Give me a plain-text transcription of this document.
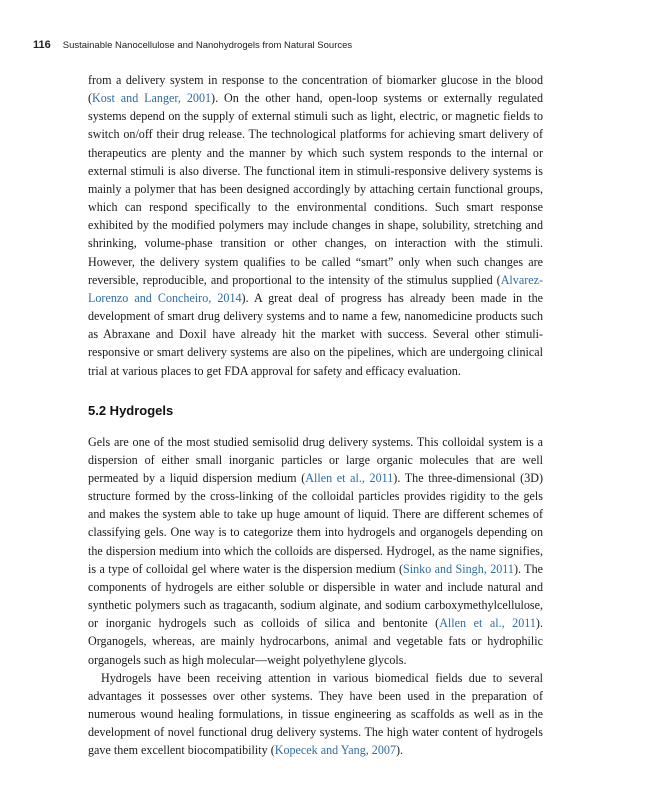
116 Sustainable Nanocellulose and Nanohydrogels from Natural Sources

from a delivery system in response to the concentration of biomarker glucose in the blood (Kost and Langer, 2001). On the other hand, open-loop systems or externally regulated systems depend on the supply of external stimuli such as light, electric, or magnetic fields to switch on/off their drug release. The technological platforms for achieving smart delivery of therapeutics are plenty and the manner by which such system responds to the internal or external stimuli is also diverse. The functional item in stimuli-responsive delivery systems is mainly a polymer that has been designed accordingly by attaching certain functional groups, which can respond specifically to the environmental conditions. Such smart response exhibited by the modified polymers may include changes in shape, solubility, stretching and shrinking, volume-phase transition or other changes, on interaction with the stimuli. However, the delivery system qualifies to be called “smart” only when such changes are reversible, reproducible, and proportional to the intensity of the stimulus supplied (Alvarez-Lorenzo and Concheiro, 2014). A great deal of progress has already been made in the development of smart drug delivery systems and to name a few, nanomedicine products such as Abraxane and Doxil have already hit the market with success. Several other stimuli-responsive or smart delivery systems are also on the pipelines, which are undergoing clinical trial at various places to get FDA approval for safety and efficacy evaluation.

5.2 Hydrogels

Gels are one of the most studied semisolid drug delivery systems. This colloidal system is a dispersion of either small inorganic particles or large organic molecules that are well permeated by a liquid dispersion medium (Allen et al., 2011). The three-dimensional (3D) structure formed by the cross-linking of the colloidal particles provides rigidity to the gels and makes the system able to take up huge amount of liquid. There are different schemes of classifying gels. One way is to categorize them into hydrogels and organogels depending on the dispersion medium into which the colloids are dispersed. Hydrogel, as the name signifies, is a type of colloidal gel where water is the dispersion medium (Sinko and Singh, 2011). The components of hydrogels are either soluble or dispersible in water and include natural and synthetic polymers such as tragacanth, sodium alginate, and sodium carboxymethylcellulose, or inorganic hydrogels such as colloids of silica and bentonite (Allen et al., 2011). Organogels, whereas, are mainly hydrocarbons, animal and vegetable fats or hydrophilic organogels such as high molecular—weight polyethylene glycols.

Hydrogels have been receiving attention in various biomedical fields due to several advantages it possesses over other systems. They have been used in the preparation of numerous wound healing formulations, in tissue engineering as scaffolds as well as in the development of novel functional drug delivery systems. The high water content of hydrogels gave them excellent biocompatibility (Kopecek and Yang, 2007).
